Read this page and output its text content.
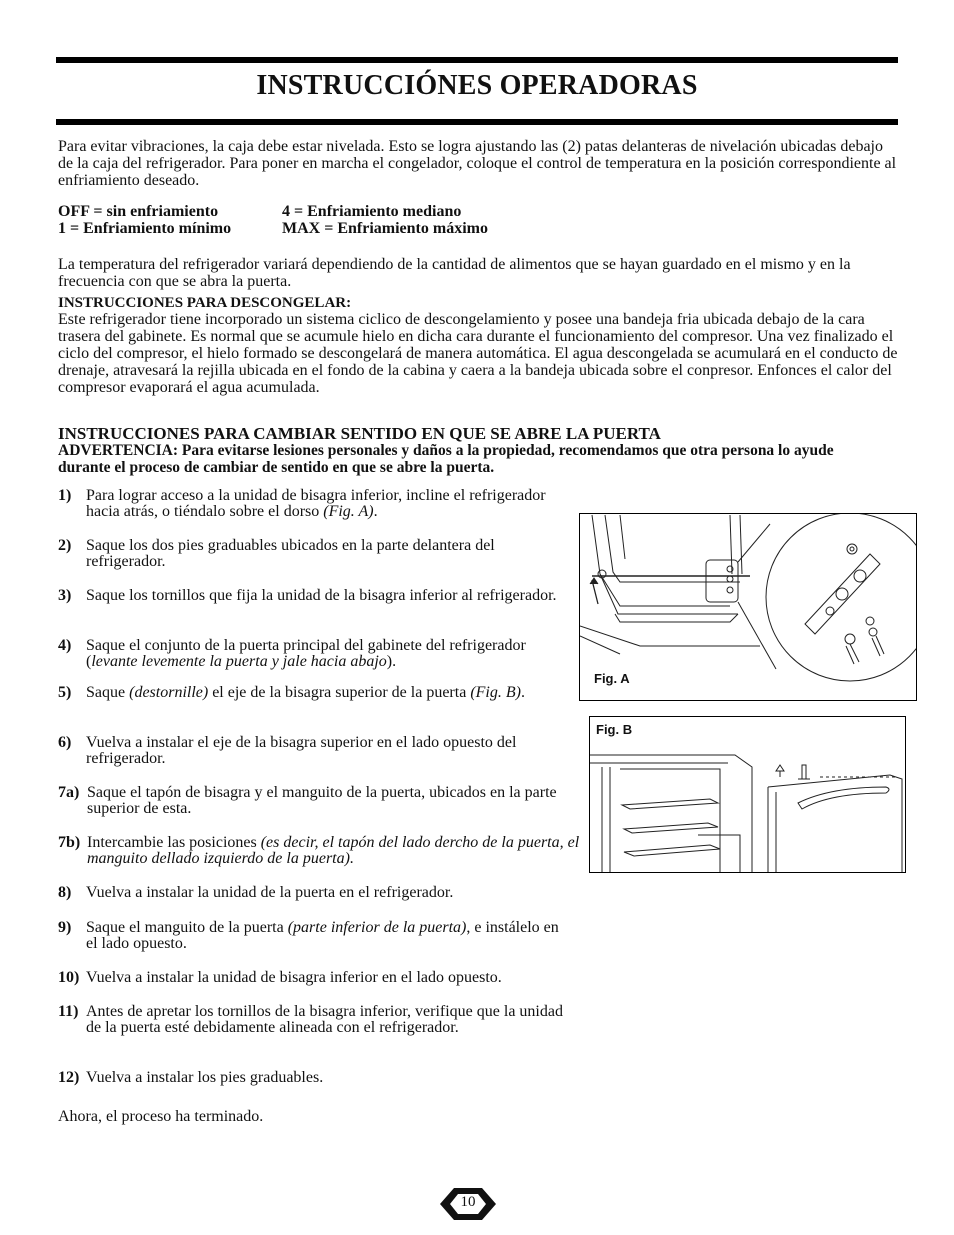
INSTRUCCIÓNES OPERADORAS
Para evitar vibraciones, la caja debe estar nivelada. Esto se logra ajustando las (2) patas delanteras de nivelación ubicadas debajo de la caja del refrigerador. Para poner en marcha el congelador, coloque el control de temperatura en la posición correspondiente al enfriamiento deseado.
OFF = sin enfriamiento	4 = Enfriamiento mediano
1 = Enfriamiento mínimo	MAX = Enfriamiento máximo
La temperatura del refrigerador variará dependiendo de la cantidad de alimentos que se hayan guardado en el mismo y en la frecuencia con que se abra la puerta.
INSTRUCCIONES PARA DESCONGELAR:
Este refrigerador tiene incorporado un sistema ciclico de descongelamiento y posee una bandeja fria ubicada debajo de la cara trasera del gabinete. Es normal que se acumule hielo en dicha cara durante el funcionamiento del compresor. Una vez finalizado el ciclo del compresor, el hielo formado se descongelará de manera automática. El agua descongelada se acumulará en el conducto de drenaje, atravesará la rejilla ubicada en el fondo de la cabina y caera a la bandeja ubicada sobre el conpresor. Enfonces el calor del compresor evaporará el agua acumulada.
INSTRUCCIONES PARA CAMBIAR SENTIDO EN QUE SE ABRE LA PUERTA
ADVERTENCIA: Para evitarse lesiones personales y daños a la propiedad, recomendamos que otra persona lo ayude durante el proceso de cambiar de sentido en que se abre la puerta.
1) Para lograr acceso a la unidad de bisagra inferior, incline el refrigerador hacia atrás, o tiéndalo sobre el dorso (Fig. A).
2) Saque los dos pies graduables ubicados en la parte delantera del refrigerador.
3) Saque los tornillos que fija la unidad de la bisagra inferior al refrigerador.
4) Saque el conjunto de la puerta principal del gabinete del refrigerador (levante levemente la puerta y jale hacia abajo).
5) Saque (destornille) el eje de la bisagra superior de la puerta (Fig. B).
6) Vuelva a instalar el eje de la bisagra superior en el lado opuesto del refrigerador.
7a) Saque el tapón de bisagra y el manguito de la puerta, ubicados en la parte superior de esta.
7b) Intercambie las posiciones (es decir, el tapón del lado dercho de la puerta, el manguito dellado izquierdo de la puerta).
8) Vuelva a instalar la unidad de la puerta en el refrigerador.
9) Saque el manguito de la puerta (parte inferior de la puerta), e instálelo en el lado opuesto.
10) Vuelva a instalar la unidad de bisagra inferior en el lado opuesto.
11) Antes de apretar los tornillos de la bisagra inferior, verifique que la unidad de la puerta esté debidamente alineada con el refrigerador.
12) Vuelva a instalar los pies graduables.
Ahora, el proceso ha terminado.
Fig. A
Fig. B
10
